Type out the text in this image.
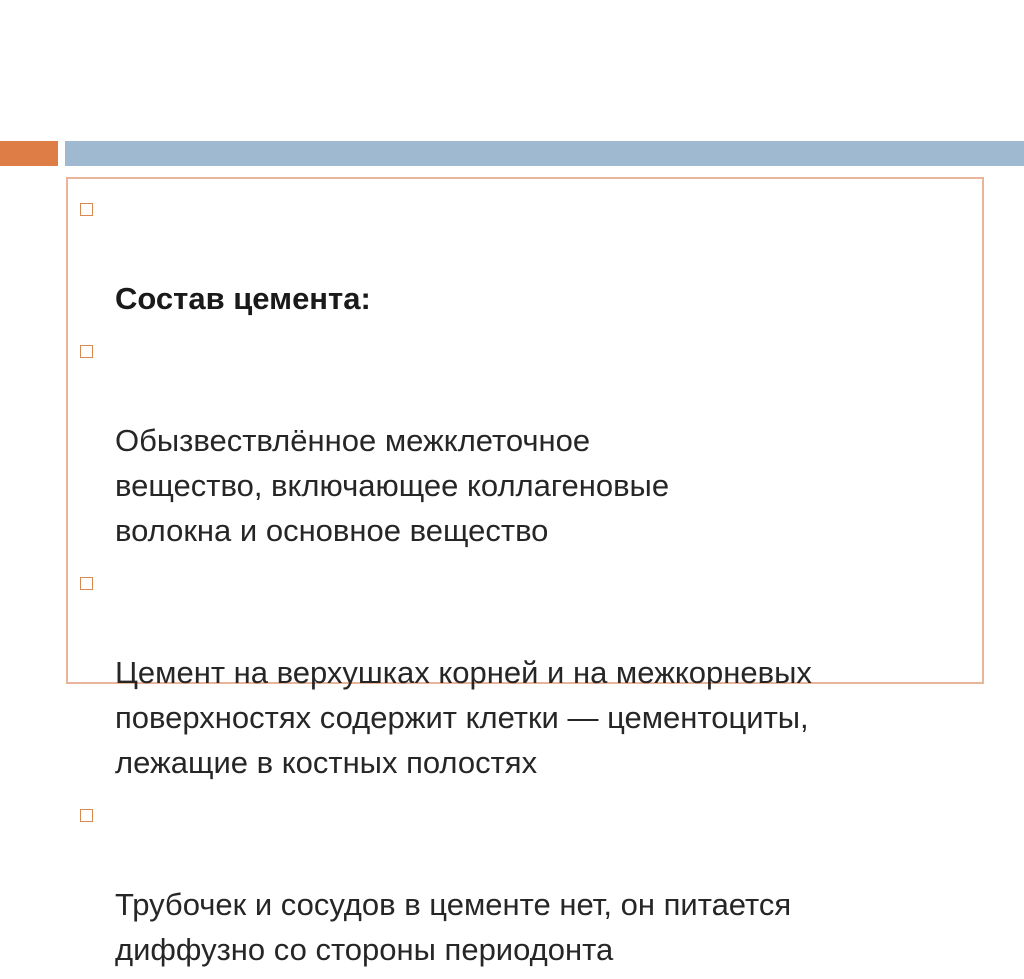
Состав цемента:

Обызвествлённое межклеточное
вещество, включающее коллагеновые
волокна и основное вещество

Цемент на верхушках корней и на межкорневых
поверхностях содержит клетки — цементоциты,
лежащие в костных полостях

Трубочек и сосудов в цементе нет, он питается
диффузно со стороны периодонта
